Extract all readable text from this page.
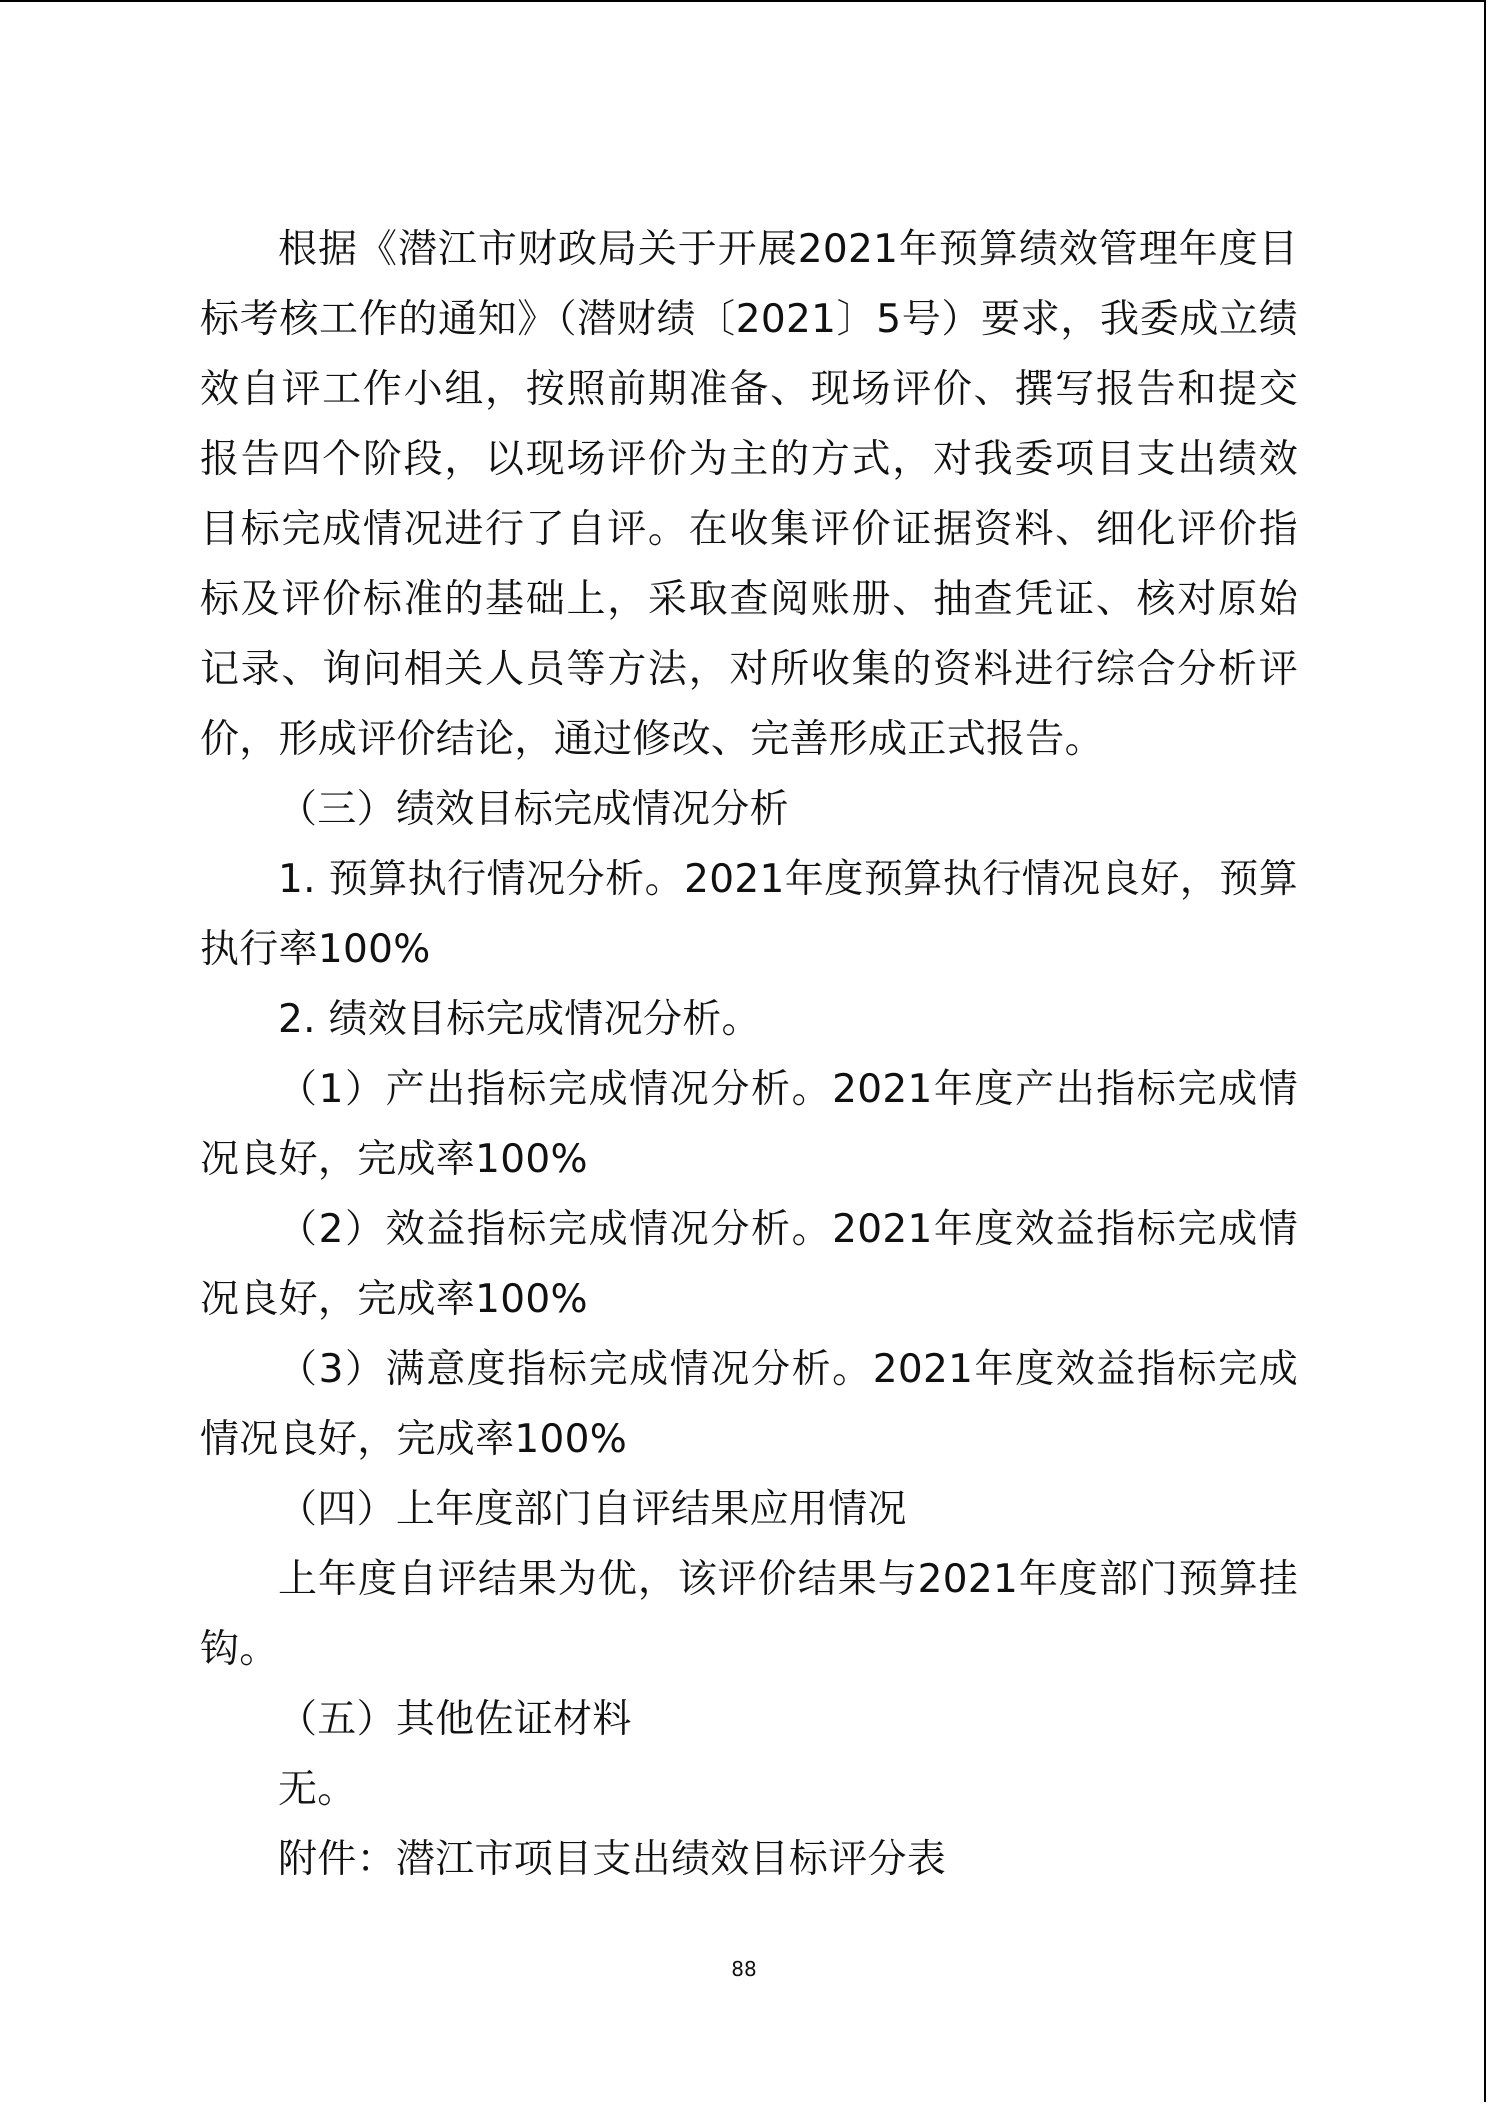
根据《潜江市财政局关于开展2021年预算绩效管理年度目标考核工作的通知》（潜财绩〔2021〕5号）要求，我委成立绩效自评工作小组，按照前期准备、现场评价、撰写报告和提交报告四个阶段，以现场评价为主的方式，对我委项目支出绩效目标完成情况进行了自评。在收集评价证据资料、细化评价指标及评价标准的基础上，采取查阅账册、抽查凭证、核对原始记录、询问相关人员等方法，对所收集的资料进行综合分析评价，形成评价结论，通过修改、完善形成正式报告。

（三）绩效目标完成情况分析

1. 预算执行情况分析。2021年度预算执行情况良好，预算执行率100%

2. 绩效目标完成情况分析。

（1）产出指标完成情况分析。2021年度产出指标完成情况良好，完成率100%

（2）效益指标完成情况分析。2021年度效益指标完成情况良好，完成率100%

（3）满意度指标完成情况分析。2021年度效益指标完成情况良好，完成率100%

（四）上年度部门自评结果应用情况

上年度自评结果为优，该评价结果与2021年度部门预算挂钩。

（五）其他佐证材料

无。

附件：潜江市项目支出绩效目标评分表

88
